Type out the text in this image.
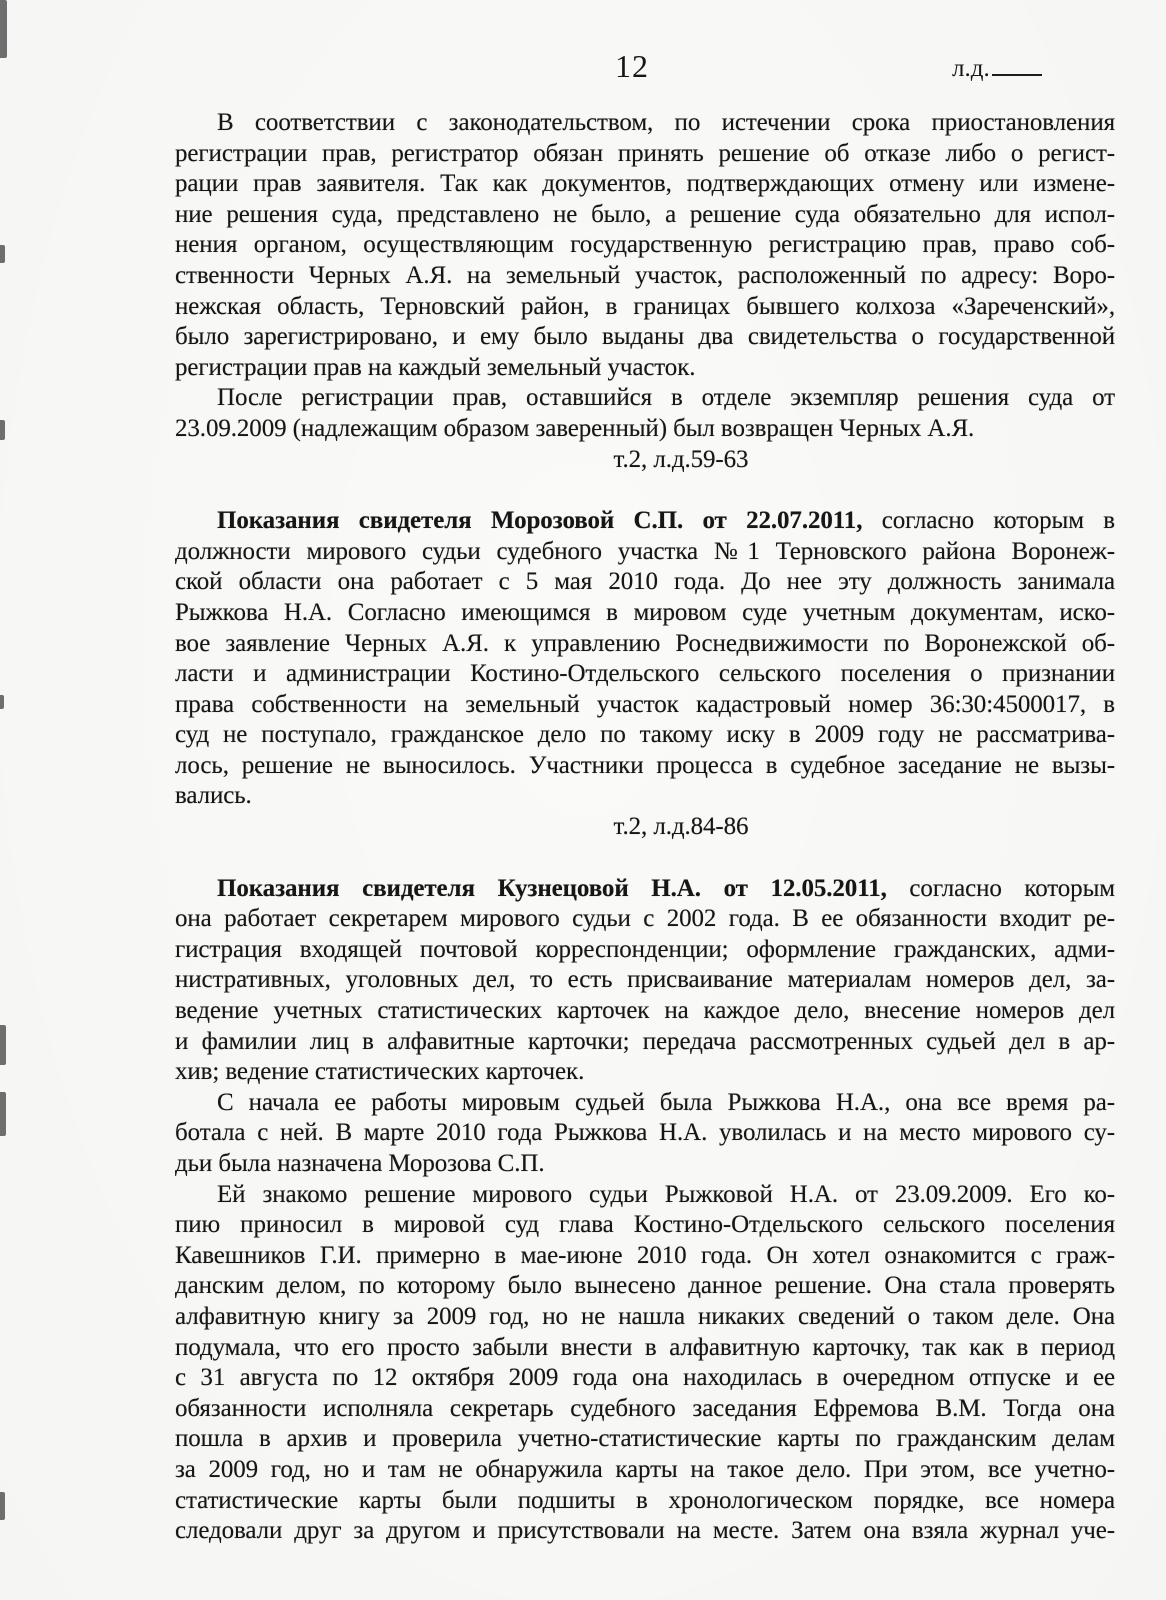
12	л.д.
В соответствии с законодательством, по истечении срока приостановления
регистрации прав, регистратор обязан принять решение об отказе либо о регист-
рации прав заявителя. Так как документов, подтверждающих отмену или измене-
ние решения суда, представлено не было, а решение суда обязательно для испол-
нения органом, осуществляющим государственную регистрацию прав, право соб-
ственности Черных А.Я. на земельный участок, расположенный по адресу: Воро-
нежская область, Терновский район, в границах бывшего колхоза «Зареченский»,
было зарегистрировано, и ему было выданы два свидетельства о государственной
регистрации прав на каждый земельный участок.
После регистрации прав, оставшийся в отделе экземпляр решения суда от
23.09.2009 (надлежащим образом заверенный) был возвращен Черных А.Я.
т.2, л.д.59-63
Показания свидетеля Морозовой С.П. от 22.07.2011, согласно которым в
должности мирового судьи судебного участка №1 Терновского района Воронеж-
ской области она работает с 5 мая 2010 года. До нее эту должность занимала
Рыжкова Н.А. Согласно имеющимся в мировом суде учетным документам, иско-
вое заявление Черных А.Я. к управлению Роснедвижимости по Воронежской об-
ласти и администрации Костино-Отдельского сельского поселения о признании
права собственности на земельный участок кадастровый номер 36:30:4500017, в
суд не поступало, гражданское дело по такому иску в 2009 году не рассматрива-
лось, решение не выносилось. Участники процесса в судебное заседание не вызы-
вались.
т.2, л.д.84-86
Показания свидетеля Кузнецовой Н.А. от 12.05.2011, согласно которым
она работает секретарем мирового судьи с 2002 года. В ее обязанности входит ре-
гистрация входящей почтовой корреспонденции; оформление гражданских, адми-
нистративных, уголовных дел, то есть присваивание материалам номеров дел, за-
ведение учетных статистических карточек на каждое дело, внесение номеров дел
и фамилии лиц в алфавитные карточки; передача рассмотренных судьей дел в ар-
хив; ведение статистических карточек.
С начала ее работы мировым судьей была Рыжкова Н.А., она все время ра-
ботала с ней. В марте 2010 года Рыжкова Н.А. уволилась и на место мирового су-
дьи была назначена Морозова С.П.
Ей знакомо решение мирового судьи Рыжковой Н.А. от 23.09.2009. Его ко-
пию приносил в мировой суд глава Костино-Отдельского сельского поселения
Кавешников Г.И. примерно в мае-июне 2010 года. Он хотел ознакомится с граж-
данским делом, по которому было вынесено данное решение. Она стала проверять
алфавитную книгу за 2009 год, но не нашла никаких сведений о таком деле. Она
подумала, что его просто забыли внести в алфавитную карточку, так как в период
с 31 августа по 12 октября 2009 года она находилась в очередном отпуске и ее
обязанности исполняла секретарь судебного заседания Ефремова В.М. Тогда она
пошла в архив и проверила учетно-статистические карты по гражданским делам
за 2009 год, но и там не обнаружила карты на такое дело. При этом, все учетно-
статистические карты были подшиты в хронологическом порядке, все номера
следовали друг за другом и присутствовали на месте. Затем она взяла журнал уче-
